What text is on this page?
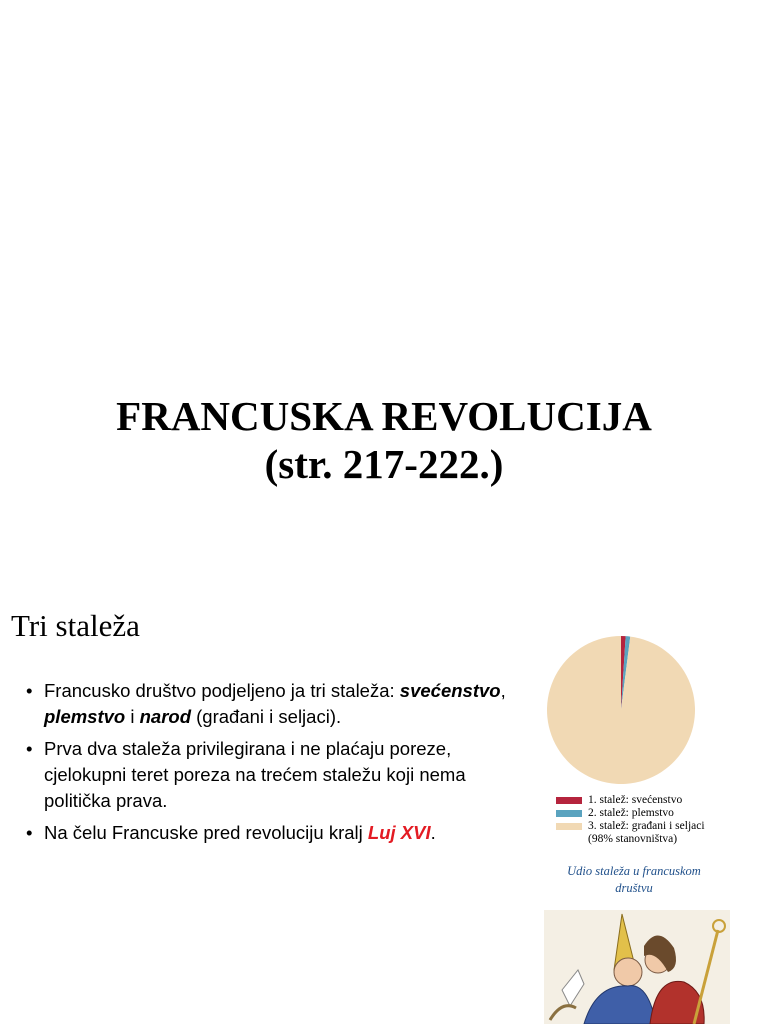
FRANCUSKA REVOLUCIJA
(str. 217-222.)
Tri staleža
• Francusko društvo podjeljeno ja tri staleža: svećenstvo, plemstvo i narod (građani i seljaci).
• Prva dva staleža privilegirana i ne plaćaju poreze, cjelokupni teret poreza na trećem staležu koji nema politička prava.
• Na čelu Francuske pred revoluciju kralj Luj XVI.
1. stalež: svećenstvo
2. stalež: plemstvo
3. stalež: građani i seljaci
(98% stanovništva)
Udio staleža u francuskom društvu
